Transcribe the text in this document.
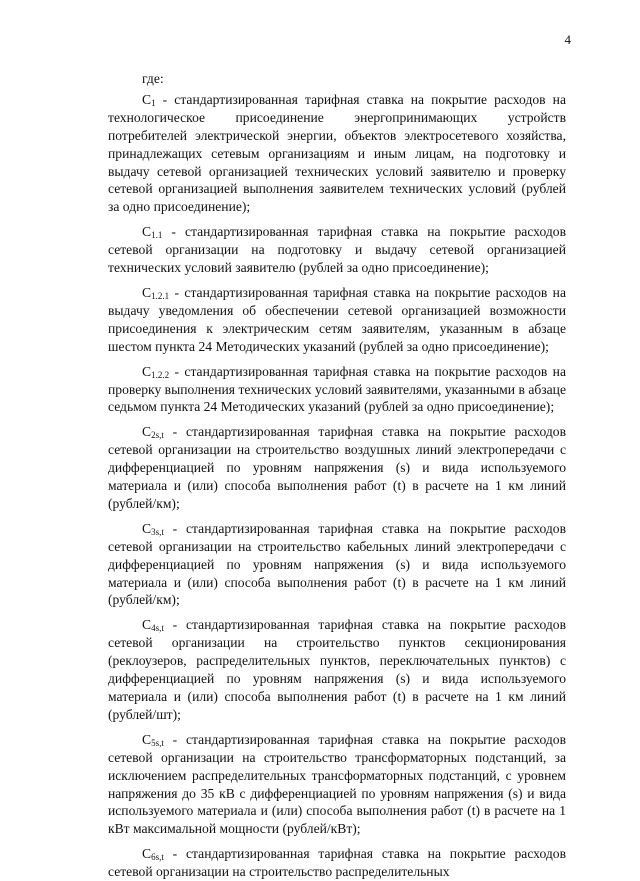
4

где:

$C_1$ - стандартизированная тарифная ставка на покрытие расходов на технологическое присоединение энергопринимающих устройств потребителей электрической энергии, объектов электросетевого хозяйства, принадлежащих сетевым организациям и иным лицам, на подготовку и выдачу сетевой организацией технических условий заявителю и проверку сетевой организацией выполнения заявителем технических условий (рублей за одно присоединение);

$C_{1.1}$ - стандартизированная тарифная ставка на покрытие расходов сетевой организации на подготовку и выдачу сетевой организацией технических условий заявителю (рублей за одно присоединение);

$C_{1.2.1}$ - стандартизированная тарифная ставка на покрытие расходов на выдачу уведомления об обеспечении сетевой организацией возможности присоединения к электрическим сетям заявителям, указанным в абзаце шестом пункта 24 Методических указаний (рублей за одно присоединение);

$C_{1.2.2}$ - стандартизированная тарифная ставка на покрытие расходов на проверку выполнения технических условий заявителями, указанными в абзаце седьмом пункта 24 Методических указаний (рублей за одно присоединение);

$C_{2s,t}$ - стандартизированная тарифная ставка на покрытие расходов сетевой организации на строительство воздушных линий электропередачи с дифференциацией по уровням напряжения (s) и вида используемого материала и (или) способа выполнения работ (t) в расчете на 1 км линий (рублей/км);

$C_{3s,t}$ - стандартизированная тарифная ставка на покрытие расходов сетевой организации на строительство кабельных линий электропередачи с дифференциацией по уровням напряжения (s) и вида используемого материала и (или) способа выполнения работ (t) в расчете на 1 км линий (рублей/км);

$C_{4s,t}$ - стандартизированная тарифная ставка на покрытие расходов сетевой организации на строительство пунктов секционирования (реклоузеров, распределительных пунктов, переключательных пунктов) с дифференциацией по уровням напряжения (s) и вида используемого материала и (или) способа выполнения работ (t) в расчете на 1 км линий (рублей/шт);

$C_{5s,t}$ - стандартизированная тарифная ставка на покрытие расходов сетевой организации на строительство трансформаторных подстанций, за исключением распределительных трансформаторных подстанций, с уровнем напряжения до 35 кВ с дифференциацией по уровням напряжения (s) и вида используемого материала и (или) способа выполнения работ (t) в расчете на 1 кВт максимальной мощности (рублей/кВт);

$C_{6s,t}$ - стандартизированная тарифная ставка на покрытие расходов сетевой организации на строительство распределительных
